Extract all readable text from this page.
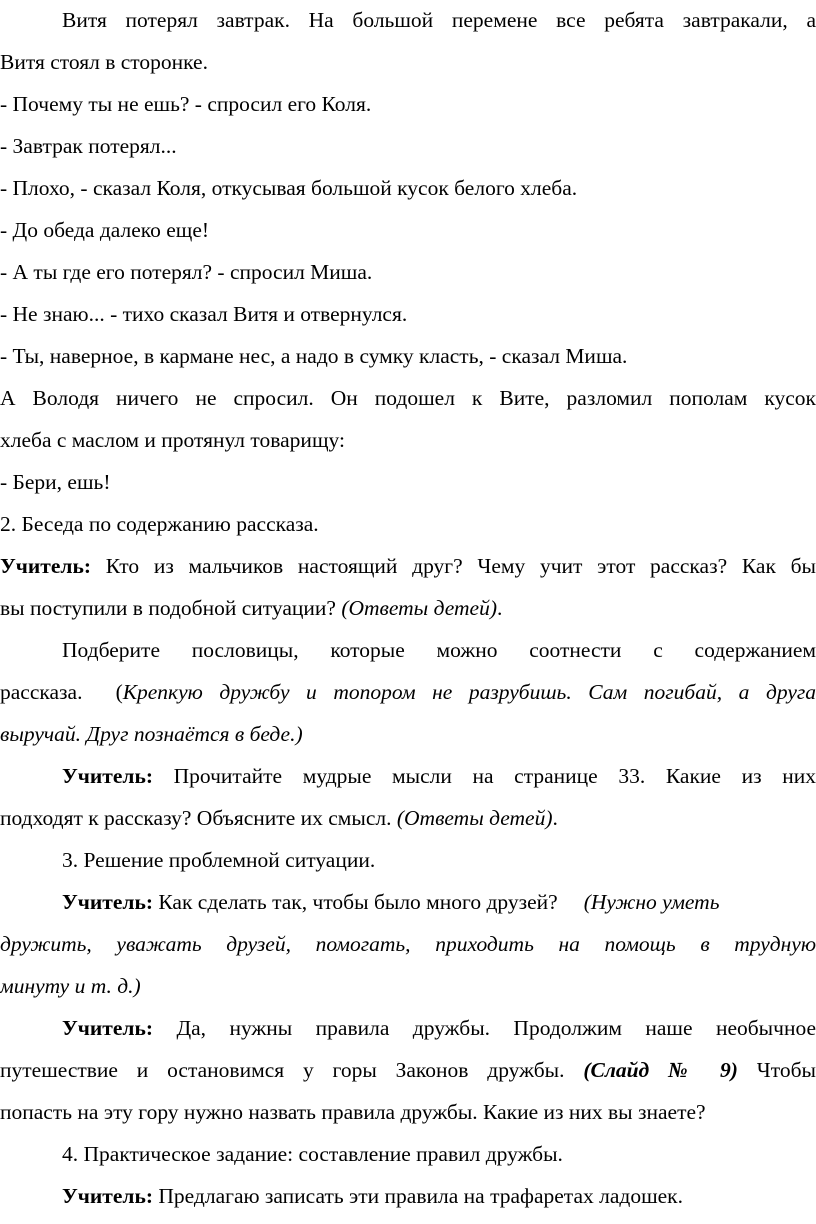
Витя потерял завтрак. На большой перемене все ребята завтракали, а
Витя стоял в сторонке.
- Почему ты не ешь? - спросил его Коля.
- Завтрак потерял...
- Плохо, - сказал Коля, откусывая большой кусок белого хлеба.
- До обеда далеко еще!
- А ты где его потерял? - спросил Миша.
- Не знаю... - тихо сказал Витя и отвернулся.
- Ты, наверное, в кармане нес, а надо в сумку класть, - сказал Миша.
А Володя ничего не спросил. Он подошел к Вите, разломил пополам кусок
хлеба с маслом и протянул товарищу:
- Бери, ешь!
2. Беседа по содержанию рассказа.
Учитель: Кто из мальчиков настоящий друг? Чему учит этот рассказ? Как бы
вы поступили в подобной ситуации? (Ответы детей).
Подберите пословицы, которые можно соотнести с содержанием
рассказа.  (Крепкую дружбу и топором не разрубишь. Сам погибай, а друга
выручай. Друг познаётся в беде.)
Учитель: Прочитайте мудрые мысли на странице 33. Какие из них
подходят к рассказу? Объясните их смысл. (Ответы детей).
3. Решение проблемной ситуации.
Учитель: Как сделать так, чтобы было много друзей? (Нужно уметь
дружить, уважать друзей, помогать, приходить на помощь в трудную
минуту и т. д.)
Учитель: Да, нужны правила дружбы. Продолжим наше необычное
путешествие и остановимся у горы Законов дружбы. (Слайд № 9) Чтобы
попасть на эту гору нужно назвать правила дружбы. Какие из них вы знаете?
4. Практическое задание: составление правил дружбы.
Учитель: Предлагаю записать эти правила на трафаретах ладошек.
